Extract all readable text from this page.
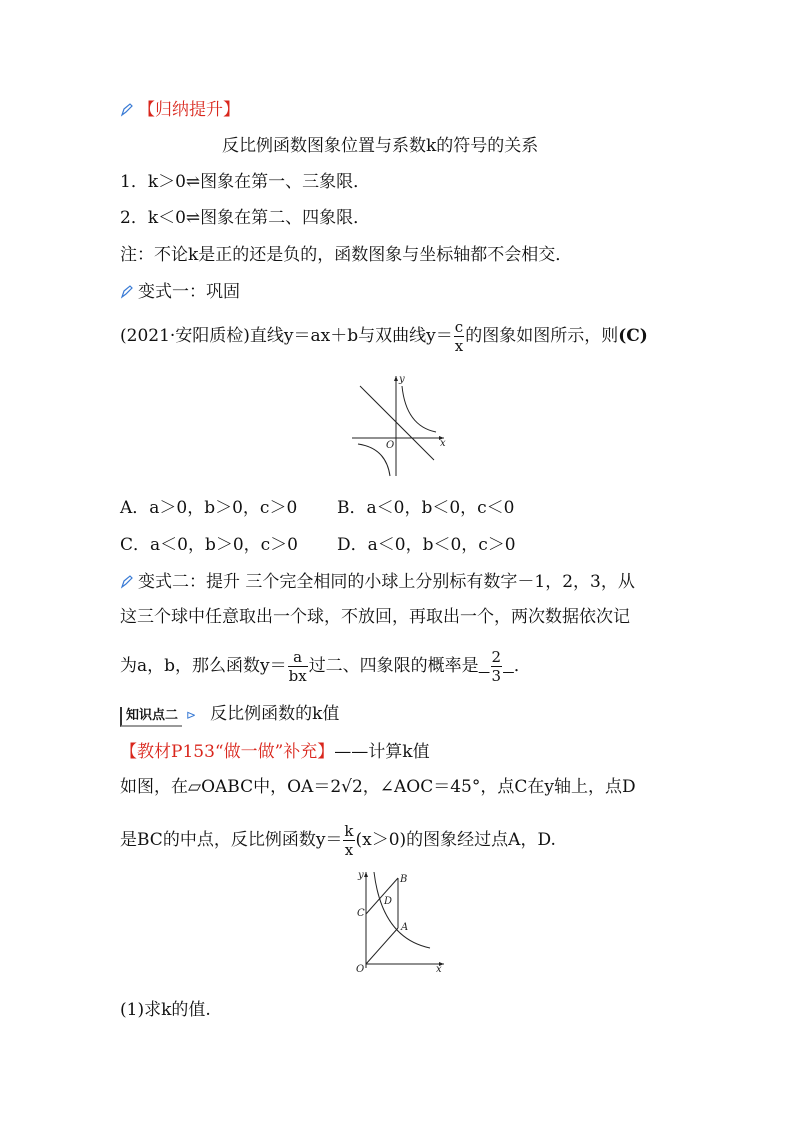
【归纳提升】
反比例函数图象位置与系数k的符号的关系
1．k＞0⇌图象在第一、三象限．
2．k＜0⇌图象在第二、四象限．
注：不论k是正的还是负的，函数图象与坐标轴都不会相交．
变式一：巩固
(2021·安阳质检)直线y＝ax＋b与双曲线$y= \frac{c}{x}$ 的图象如图所示，则(C)
y
x
O
A．a＞0，b＞0，c＞0 B．a＜0，b＜0，c＜0
C．a＜0，b＞0，c＞0 D．a＜0，b＜0，c＞0
变式二：提升 三个完全相同的小球上分别标有数字－1，2，3，从
这三个球中任意取出一个球，不放回，再取出一个，两次数据依次记
为a，b，那么函数$y= \frac{a}{bx}$ 过二、四象限的概率是 $\frac{2}{3}$ ．
知识点二 ⊳ 反比例函数的k值
【教材P153“做一做”补充】——计算k值
如图，在▱OABC中，OA＝2√2，∠AOC＝45°，点C在y轴上，点D
是BC的中点，反比例函数$y= \frac{k}{x} (x>0)$的图象经过点A，D.
y
x
O
A
B
C
D
(1)求k的值.
